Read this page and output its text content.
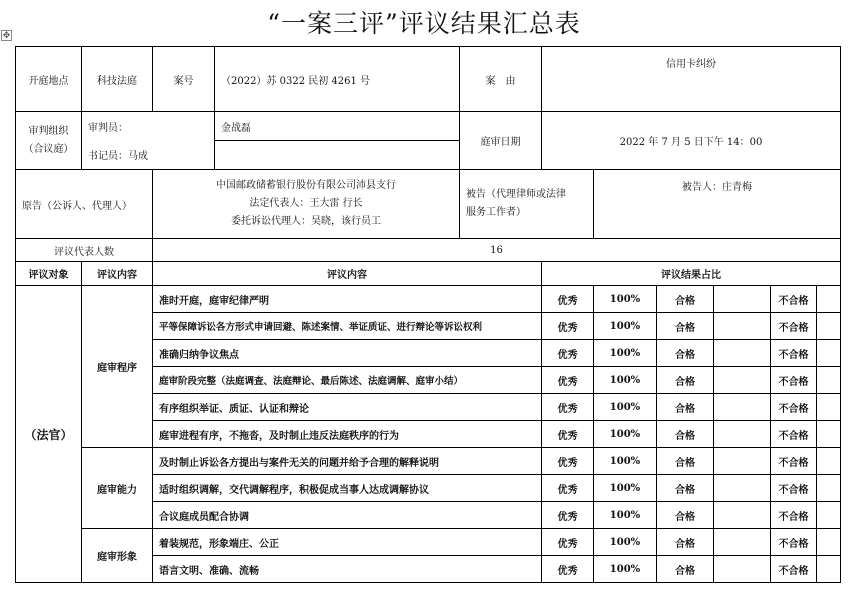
“一案三评”评议结果汇总表
✥
开庭地点	科技法庭	案号	（2022）苏 0322 民初 4261 号	案　由	信用卡纠纷					

审判组织
（合议庭）	审判员：		金战磊	庭审日期	2022 年 7 月 5 日下午 14：00					
	书记员：马成									
原告（公诉人、代理人）		中国邮政储蓄银行股份有限公司沛县支行
法定代表人：王大雷 行长
委托诉讼代理人：吴晓，该行员工		被告（代理律师或法律
服务工作者）		被告人：庄青梅				
评议代表人数		16								
评议对象	评议内容	评议内容			评议结果占比					
（法官）	庭审程序	准时开庭，庭审纪律严明			优秀	100%	合格		不合格	
		平等保障诉讼各方形式申请回避、陈述案情、举证质证、进行辩论等诉讼权利			优秀	100%	合格		不合格	
		准确归纳争议焦点			优秀	100%	合格		不合格	
		庭审阶段完整（法庭调查、法庭辩论、最后陈述、法庭调解、庭审小结）			优秀	100%	合格		不合格	
		有序组织举证、质证、认证和辩论			优秀	100%	合格		不合格	
		庭审进程有序，不拖沓，及时制止违反法庭秩序的行为			优秀	100%	合格		不合格	
	庭审能力	及时制止诉讼各方提出与案件无关的问题并给予合理的解释说明			优秀	100%	合格		不合格	
		适时组织调解，交代调解程序，积极促成当事人达成调解协议			优秀	100%	合格		不合格	
		合议庭成员配合协调			优秀	100%	合格		不合格	
	庭审形象	着装规范，形象端庄、公正			优秀	100%	合格		不合格	
		语言文明、准确、流畅			优秀	100%	合格		不合格	
